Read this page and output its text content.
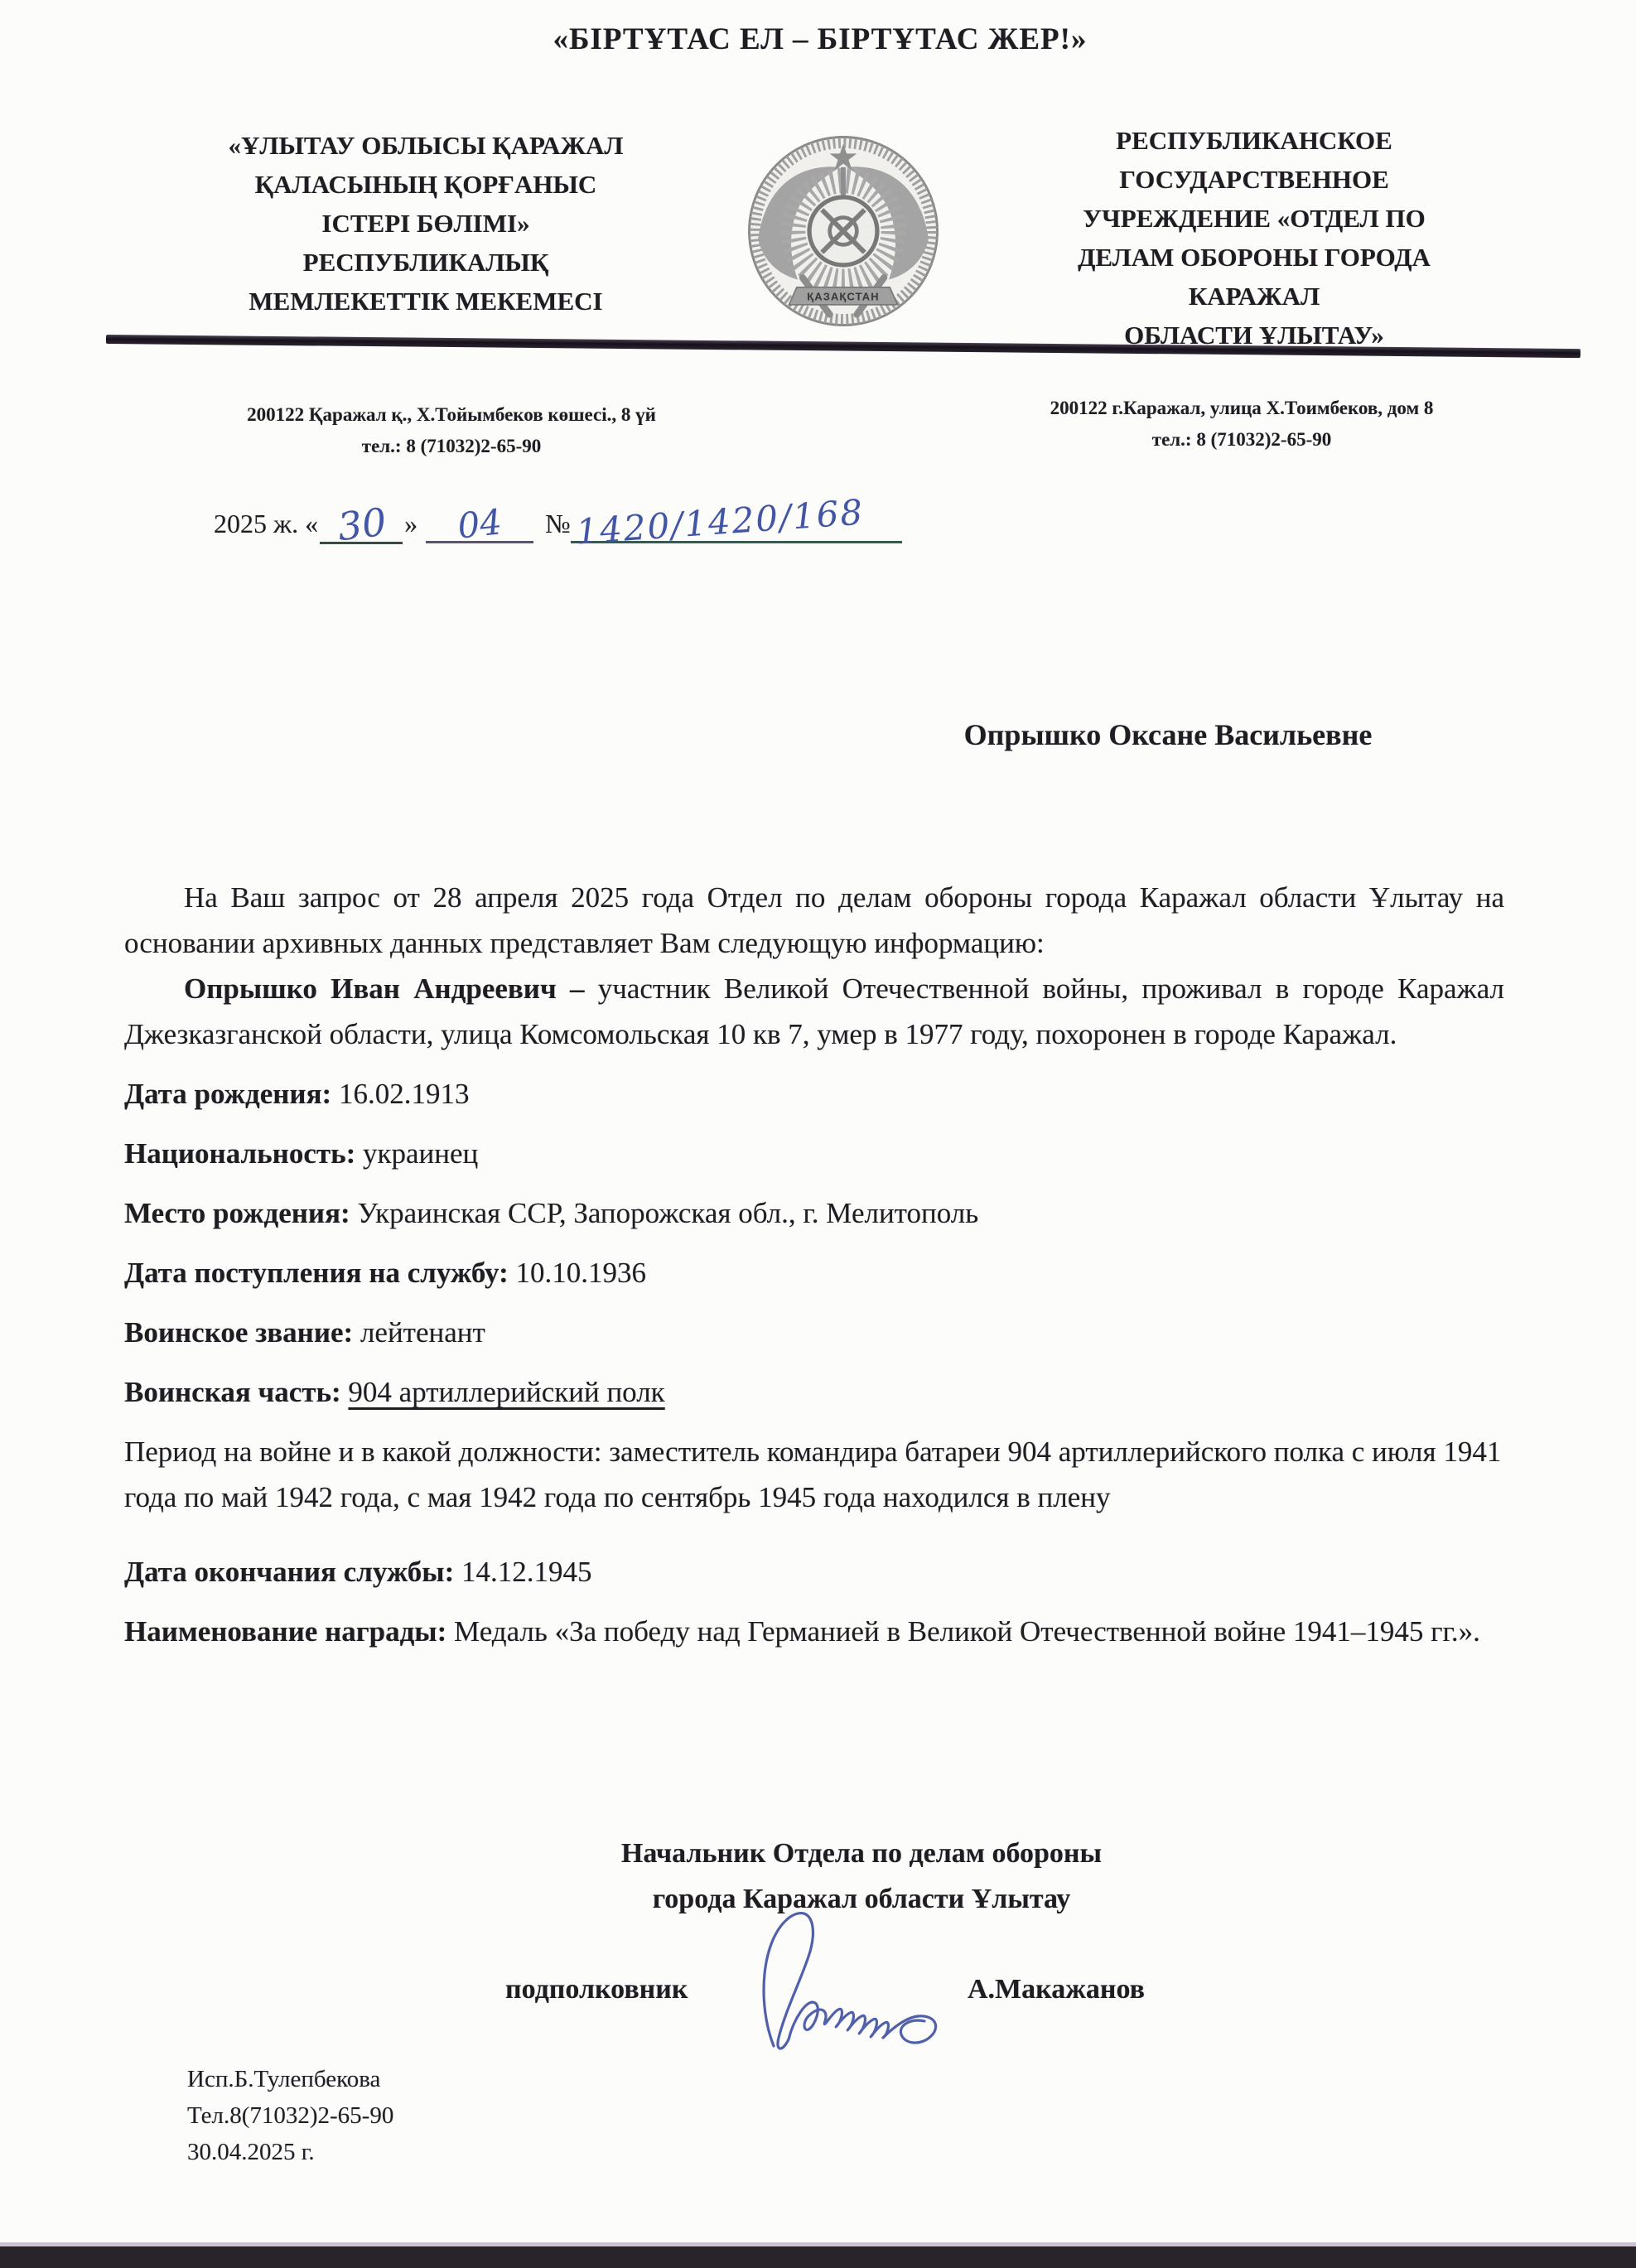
«БІРТҰТАС ЕЛ – БІРТҰТАС ЖЕР!»
«ҰЛЫТАУ ОБЛЫСЫ ҚАРАЖАЛ
ҚАЛАСЫНЫҢ ҚОРҒАНЫС
ІСТЕРІ БӨЛІМІ»
РЕСПУБЛИКАЛЫҚ
МЕМЛЕКЕТТІК МЕКЕМЕСІ	ҚАЗАҚСТАН
РЕСПУБЛИКАНСКОЕ
ГОСУДАРСТВЕННОЕ
УЧРЕЖДЕНИЕ «ОТДЕЛ ПО
ДЕЛАМ ОБОРОНЫ ГОРОДА
КАРАЖАЛ
ОБЛАСТИ ҰЛЫТАУ»
200122 Қаражал қ., Х.Тойымбеков көшесі., 8 үй
тел.: 8 (71032)2-65-90
200122 г.Каражал, улица Х.Тоимбеков, дом 8
тел.: 8 (71032)2-65-90
2025 ж. « 30 » 04 № 1420/1420/168
Опрышко Оксане Васильевне

На Ваш запрос от 28 апреля 2025 года Отдел по делам обороны города Каражал области Ұлытау на основании архивных данных представляет Вам следующую информацию:

Опрышко Иван Андреевич – участник Великой Отечественной войны, проживал в городе Каражал Джезказганской области, улица Комсомольская 10 кв 7, умер в 1977 году, похоронен в городе Каражал.

Дата рождения: 16.02.1913
Национальность: украинец
Место рождения: Украинская ССР, Запорожская обл., г. Мелитополь
Дата поступления на службу: 10.10.1936
Воинское звание: лейтенант
Воинская часть: 904 артиллерийский полк

Период на войне и в какой должности: заместитель командира батареи 904 артиллерийского полка с июля 1941 года по май 1942 года, с мая 1942 года по сентябрь 1945 года находился в плену

Дата окончания службы: 14.12.1945
Наименование награды: Медаль «За победу над Германией в Великой Отечественной войне 1941–1945 гг.».
Начальник Отдела по делам обороны
города Каражал области Ұлытау
подполковник	А.Макажанов
Исп.Б.Тулепбекова
Тел.8(71032)2-65-90
30.04.2025 г.
